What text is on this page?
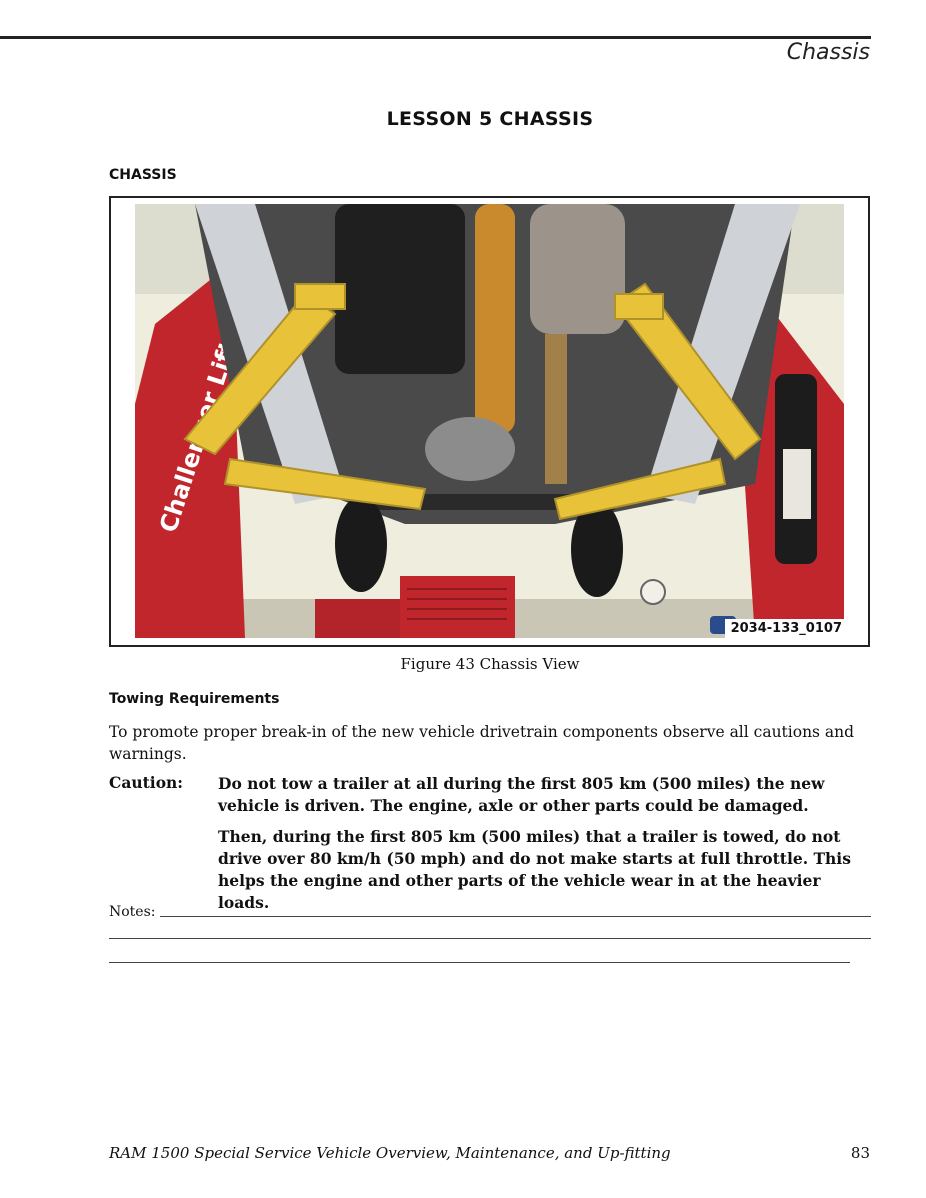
Chassis
LESSON 5 CHASSIS
CHASSIS
Challenger
2034-133_0107
Figure 43 Chassis View
Towing Requirements
To promote proper break-in of the new vehicle drivetrain components observe all cautions and warnings.
Caution: Do not tow a trailer at all during the first 805 km (500 miles) the new vehicle is driven. The engine, axle or other parts could be damaged.
Then, during the first 805 km (500 miles) that a trailer is towed, do not drive over 80 km/h (50 mph) and do not make starts at full throttle. This helps the engine and other parts of the vehicle wear in at the heavier loads.
Notes:
RAM 1500 Special Service Vehicle Overview, Maintenance, and Up-fitting	83
